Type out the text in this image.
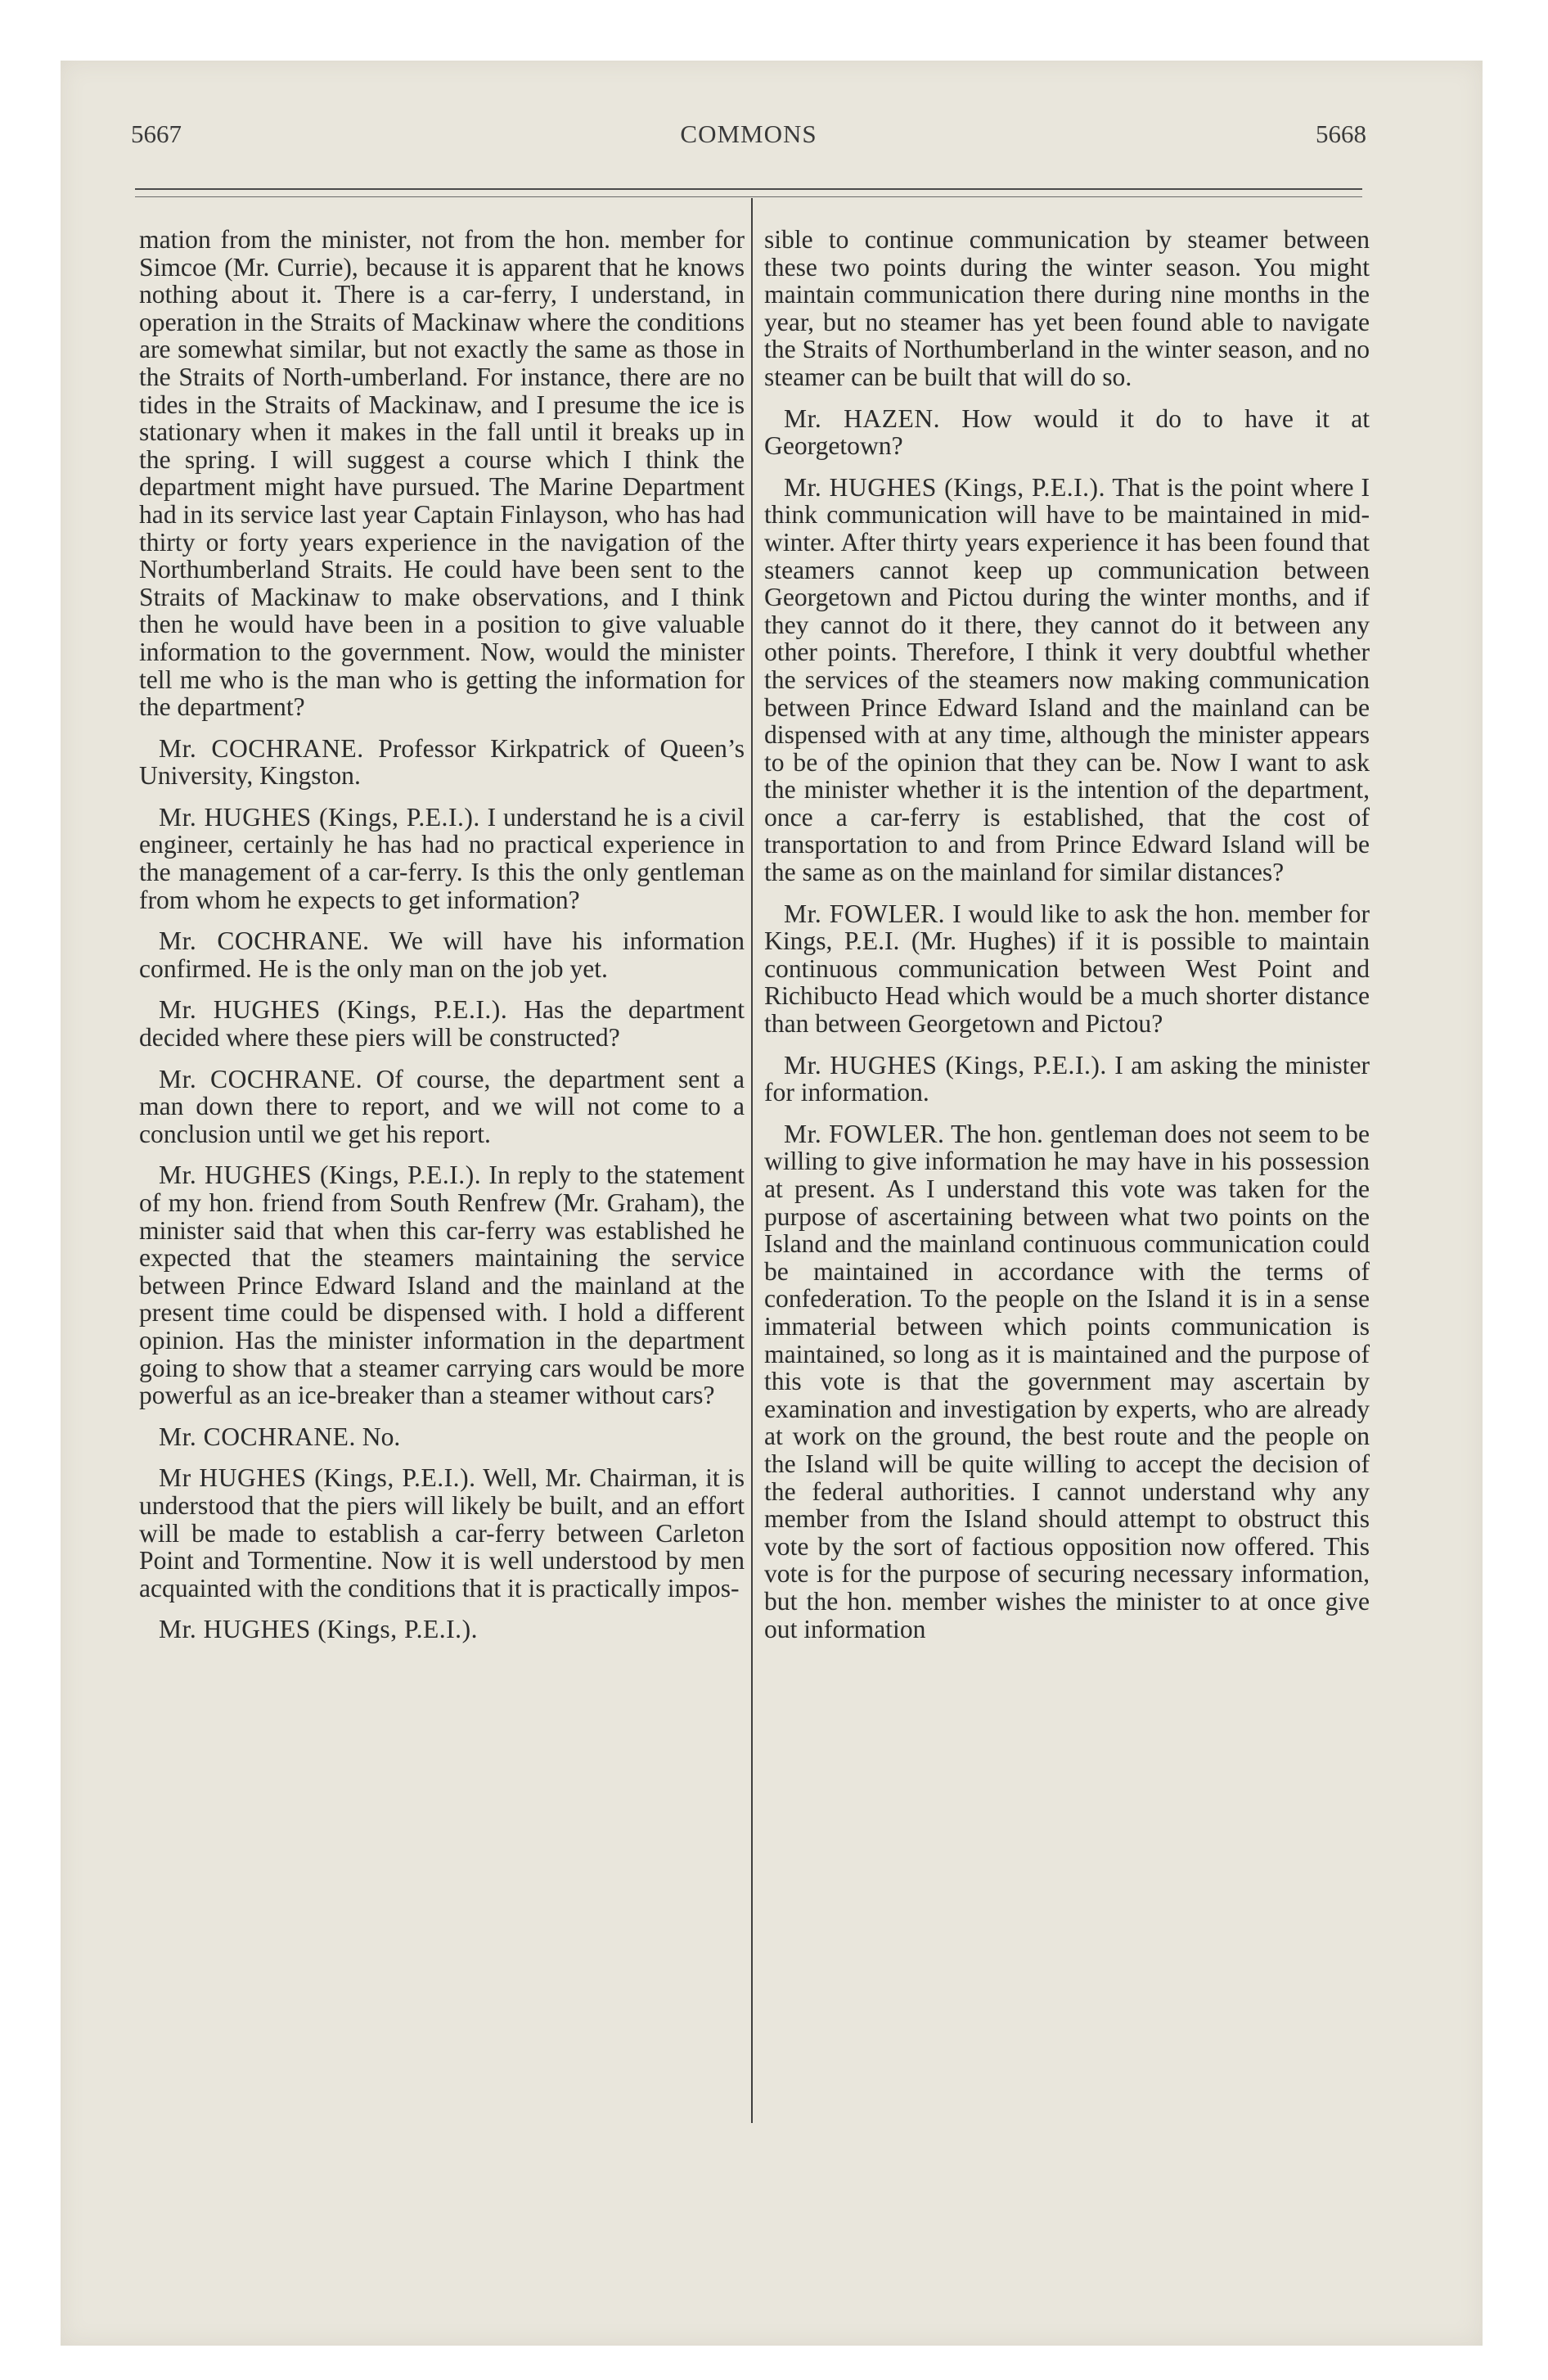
5667	COMMONS	5668

mation from the minister, not from the hon. member for Simcoe (Mr. Currie), because it is apparent that he knows nothing about it. There is a car-ferry, I understand, in operation in the Straits of Mackinaw where the conditions are somewhat similar, but not exactly the same as those in the Straits of North-umberland. For instance, there are no tides in the Straits of Mackinaw, and I presume the ice is stationary when it makes in the fall until it breaks up in the spring. I will suggest a course which I think the department might have pursued. The Marine Department had in its service last year Captain Finlayson, who has had thirty or forty years experience in the navigation of the Northumberland Straits. He could have been sent to the Straits of Mackinaw to make observations, and I think then he would have been in a position to give valuable information to the government. Now, would the minister tell me who is the man who is getting the information for the department?

Mr. COCHRANE. Professor Kirkpatrick of Queen’s University, Kingston.

Mr. HUGHES (Kings, P.E.I.). I understand he is a civil engineer, certainly he has had no practical experience in the management of a car-ferry. Is this the only gentleman from whom he expects to get information?

Mr. COCHRANE. We will have his information confirmed. He is the only man on the job yet.

Mr. HUGHES (Kings, P.E.I.). Has the department decided where these piers will be constructed?

Mr. COCHRANE. Of course, the department sent a man down there to report, and we will not come to a conclusion until we get his report.

Mr. HUGHES (Kings, P.E.I.). In reply to the statement of my hon. friend from South Renfrew (Mr. Graham), the minister said that when this car-ferry was established he expected that the steamers maintaining the service between Prince Edward Island and the mainland at the present time could be dispensed with. I hold a different opinion. Has the minister information in the department going to show that a steamer carrying cars would be more powerful as an ice-breaker than a steamer without cars?

Mr. COCHRANE. No.

Mr HUGHES (Kings, P.E.I.). Well, Mr. Chairman, it is understood that the piers will likely be built, and an effort will be made to establish a car-ferry between Carleton Point and Tormentine. Now it is well understood by men acquainted with the conditions that it is practically impos-

Mr. HUGHES (Kings, P.E.I.).

sible to continue communication by steamer between these two points during the winter season. You might maintain communication there during nine months in the year, but no steamer has yet been found able to navigate the Straits of Northumberland in the winter season, and no steamer can be built that will do so.

Mr. HAZEN. How would it do to have it at Georgetown?

Mr. HUGHES (Kings, P.E.I.). That is the point where I think communication will have to be maintained in mid-winter. After thirty years experience it has been found that steamers cannot keep up communication between Georgetown and Pictou during the winter months, and if they cannot do it there, they cannot do it between any other points. Therefore, I think it very doubtful whether the services of the steamers now making communication between Prince Edward Island and the mainland can be dispensed with at any time, although the minister appears to be of the opinion that they can be. Now I want to ask the minister whether it is the intention of the department, once a car-ferry is established, that the cost of transportation to and from Prince Edward Island will be the same as on the mainland for similar distances?

Mr. FOWLER. I would like to ask the hon. member for Kings, P.E.I. (Mr. Hughes) if it is possible to maintain continuous communication between West Point and Richibucto Head which would be a much shorter distance than between Georgetown and Pictou?

Mr. HUGHES (Kings, P.E.I.). I am asking the minister for information.

Mr. FOWLER. The hon. gentleman does not seem to be willing to give information he may have in his possession at present. As I understand this vote was taken for the purpose of ascertaining between what two points on the Island and the mainland continuous communication could be maintained in accordance with the terms of confederation. To the people on the Island it is in a sense immaterial between which points communication is maintained, so long as it is maintained and the purpose of this vote is that the government may ascertain by examination and investigation by experts, who are already at work on the ground, the best route and the people on the Island will be quite willing to accept the decision of the federal authorities. I cannot understand why any member from the Island should attempt to obstruct this vote by the sort of factious opposition now offered. This vote is for the purpose of securing necessary information, but the hon. member wishes the minister to at once give out information
